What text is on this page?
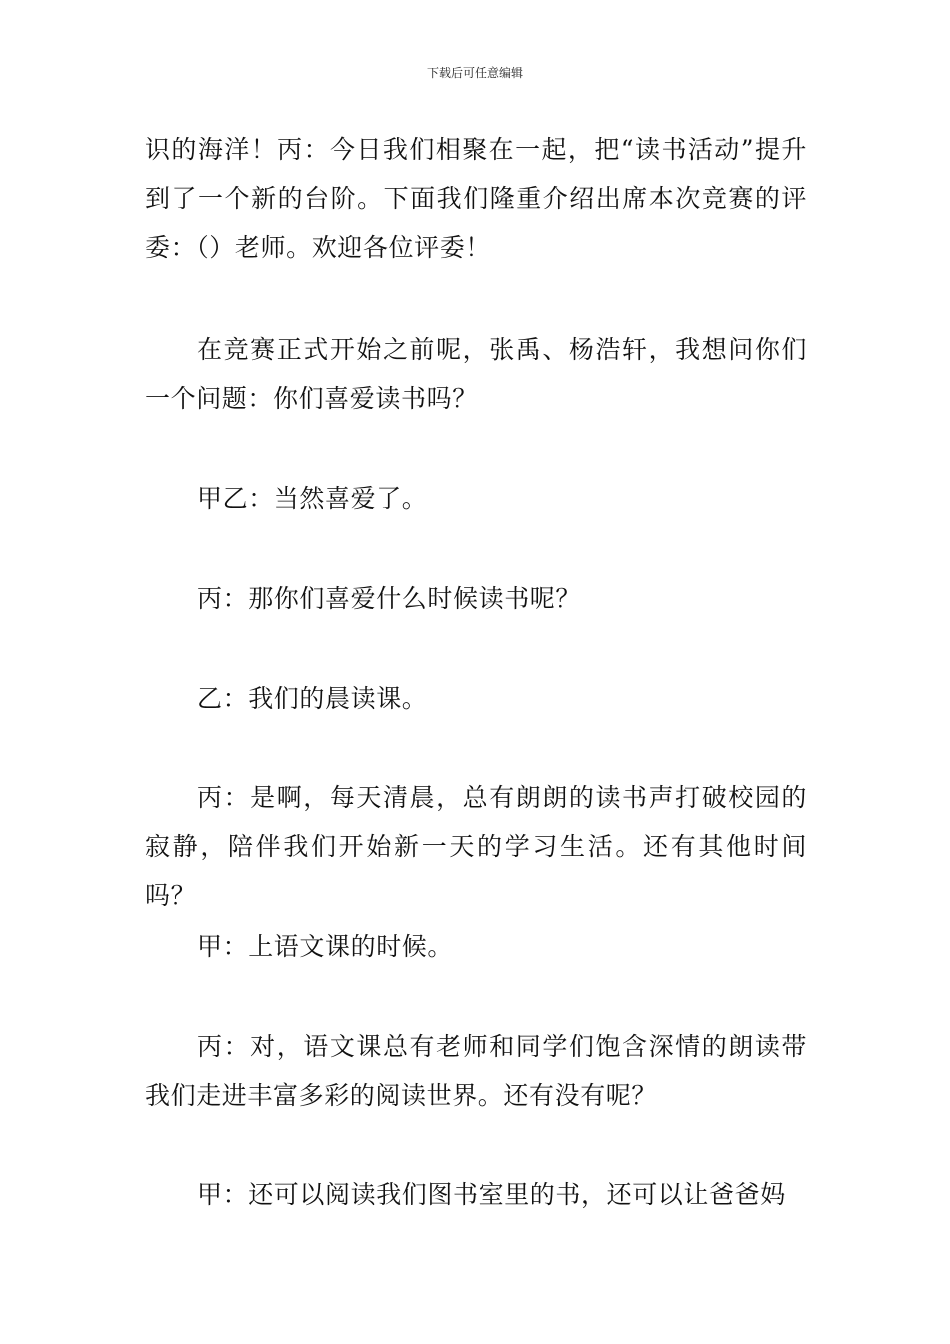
下载后可任意编辑

识的海洋！丙：今日我们相聚在一起，把“读书活动”提升到了一个新的台阶。下面我们隆重介绍出席本次竞赛的评委：（）老师。欢迎各位评委！

在竞赛正式开始之前呢，张禹、杨浩轩，我想问你们一个问题：你们喜爱读书吗？

甲乙：当然喜爱了。

丙：那你们喜爱什么时候读书呢？

乙：我们的晨读课。

丙：是啊，每天清晨，总有朗朗的读书声打破校园的寂静，陪伴我们开始新一天的学习生活。还有其他时间吗？

甲：上语文课的时候。

丙：对，语文课总有老师和同学们饱含深情的朗读带我们走进丰富多彩的阅读世界。还有没有呢？

甲：还可以阅读我们图书室里的书，还可以让爸爸妈
